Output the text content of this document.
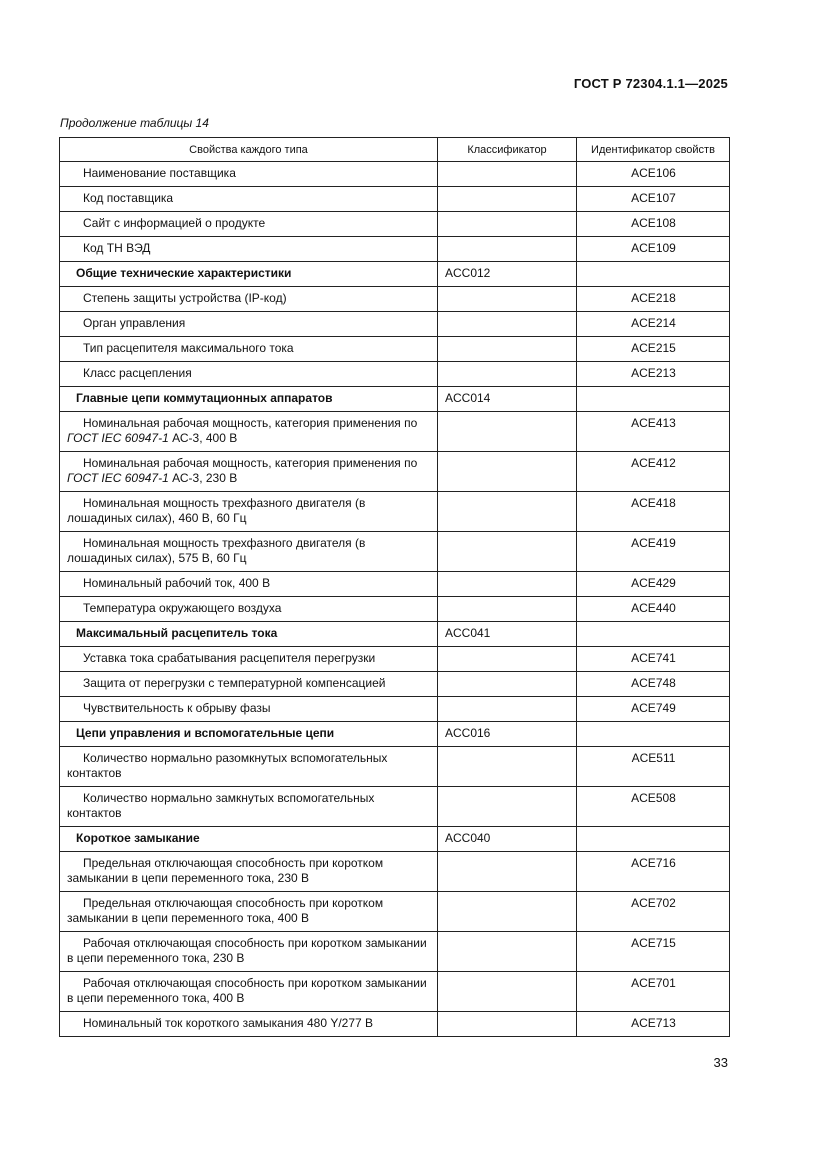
ГОСТ Р 72304.1.1—2025
Продолжение таблицы 14
Свойства каждого типа	Классификатор	Идентификатор свойств

Наименование поставщика		ACE106

Код поставщика		ACE107

Сайт с информацией о продукте		ACE108

Код ТН ВЭД		ACE109
Общие технические характеристики	ACC012	

Степень защиты устройства (IP-код)		ACE218

Орган управления		ACE214

Тип расцепителя максимального тока		ACE215

Класс расцепления		ACE213
Главные цепи коммутационных аппаратов	ACC014	

Номинальная рабочая мощность, категория применения по ГОСТ IEC 60947-1 АС-3, 400 В		ACE413

Номинальная рабочая мощность, категория применения по ГОСТ IEC 60947-1 АС-3, 230 В		ACE412

Номинальная мощность трехфазного двигателя (в лошадиных силах), 460 В, 60 Гц		ACE418

Номинальная мощность трехфазного двигателя (в лошадиных силах), 575 В, 60 Гц		ACE419

Номинальный рабочий ток, 400 В		ACE429

Температура окружающего воздуха		ACE440
Максимальный расцепитель тока	ACC041	

Уставка тока срабатывания расцепителя перегрузки		ACE741

Защита от перегрузки с температурной компенсацией		ACE748

Чувствительность к обрыву фазы		ACE749
Цепи управления и вспомогательные цепи	ACC016	

Количество нормально разомкнутых вспомогательных контактов		ACE511

Количество нормально замкнутых вспомогательных контактов		ACE508
Короткое замыкание	ACC040	

Предельная отключающая способность при коротком замыкании в цепи переменного тока, 230 В		ACE716

Предельная отключающая способность при коротком замыкании в цепи переменного тока, 400 В		ACE702

Рабочая отключающая способность при коротком замыкании в цепи переменного тока, 230 В		ACE715

Рабочая отключающая способность при коротком замыкании в цепи переменного тока, 400 В		ACE701

Номинальный ток короткого замыкания 480 Y/277 В		ACE713
33
